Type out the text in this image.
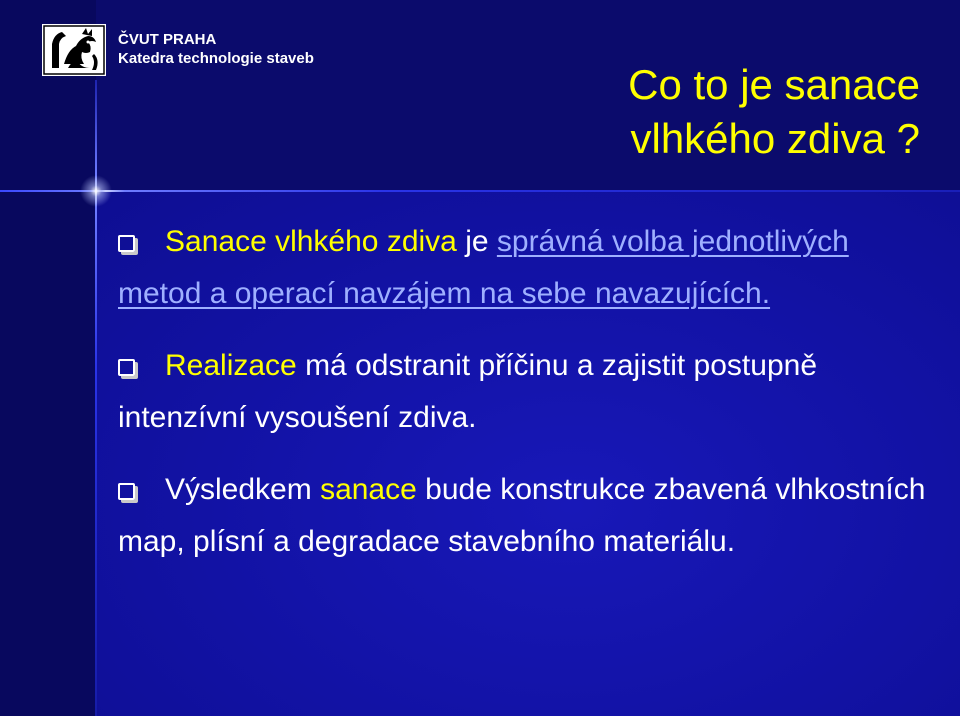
ČVUT PRAHA
Katedra technologie staveb
Co to je sanace
vlhkého zdiva ?
Sanace vlhkého zdiva je správná volba jednotlivých metod a operací navzájem na sebe navazujících.
Realizace má odstranit příčinu a zajistit postupně intenzívní vysoušení zdiva.
Výsledkem sanace bude konstrukce zbavená vlhkostních map, plísní a degradace stavebního materiálu.
